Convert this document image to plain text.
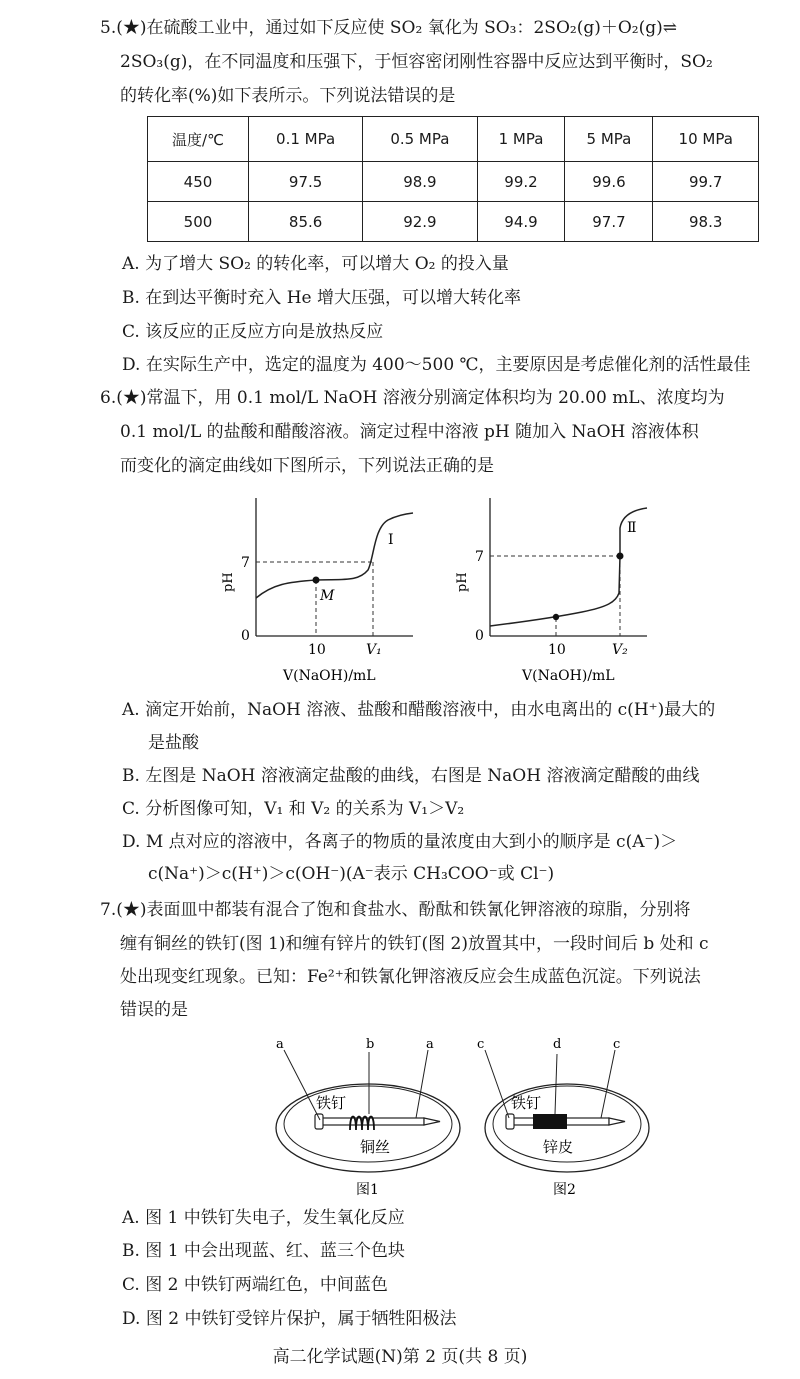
5.(★)在硫酸工业中，通过如下反应使 SO₂ 氧化为 SO₃：2SO₂(g)＋O₂(g)⇌
2SO₃(g)，在不同温度和压强下，于恒容密闭刚性容器中反应达到平衡时，SO₂
的转化率(%)如下表所示。下列说法错误的是
温度/℃	0.1 MPa	0.5 MPa	1 MPa	5 MPa	10 MPa
450	97.5	98.9	99.2	99.6	99.7
500	85.6	92.9	94.9	97.7	98.3
A. 为了增大 SO₂ 的转化率，可以增大 O₂ 的投入量
B. 在到达平衡时充入 He 增大压强，可以增大转化率
C. 该反应的正反应方向是放热反应
D. 在实际生产中，选定的温度为 400～500 ℃，主要原因是考虑催化剂的活性最佳
6.(★)常温下，用 0.1 mol/L NaOH 溶液分别滴定体积均为 20.00 mL、浓度均为
0.1 mol/L 的盐酸和醋酸溶液。滴定过程中溶液 pH 随加入 NaOH 溶液体积
而变化的滴定曲线如下图所示，下列说法正确的是
pH
7
0
10	V₁
Ⅰ
M
V(NaOH)/mL
pH
7
0
10	V₂
Ⅱ
V(NaOH)/mL
A. 滴定开始前，NaOH 溶液、盐酸和醋酸溶液中，由水电离出的 c(H⁺)最大的
是盐酸
B. 左图是 NaOH 溶液滴定盐酸的曲线，右图是 NaOH 溶液滴定醋酸的曲线
C. 分析图像可知，V₁ 和 V₂ 的关系为 V₁＞V₂
D. M 点对应的溶液中，各离子的物质的量浓度由大到小的顺序是 c(A⁻)＞
c(Na⁺)＞c(H⁺)＞c(OH⁻)(A⁻表示 CH₃COO⁻或 Cl⁻)
7.(★)表面皿中都装有混合了饱和食盐水、酚酞和铁氰化钾溶液的琼脂，分别将
缠有铜丝的铁钉(图 1)和缠有锌片的铁钉(图 2)放置其中，一段时间后 b 处和 c
处出现变红现象。已知：Fe²⁺和铁氰化钾溶液反应会生成蓝色沉淀。下列说法
错误的是
a	b	a
铁钉
铜丝
图1
c	d	c
铁钉
锌皮
图2
A. 图 1 中铁钉失电子，发生氧化反应
B. 图 1 中会出现蓝、红、蓝三个色块
C. 图 2 中铁钉两端红色，中间蓝色
D. 图 2 中铁钉受锌片保护，属于牺牲阳极法
高二化学试题(N)第 2 页(共 8 页)
